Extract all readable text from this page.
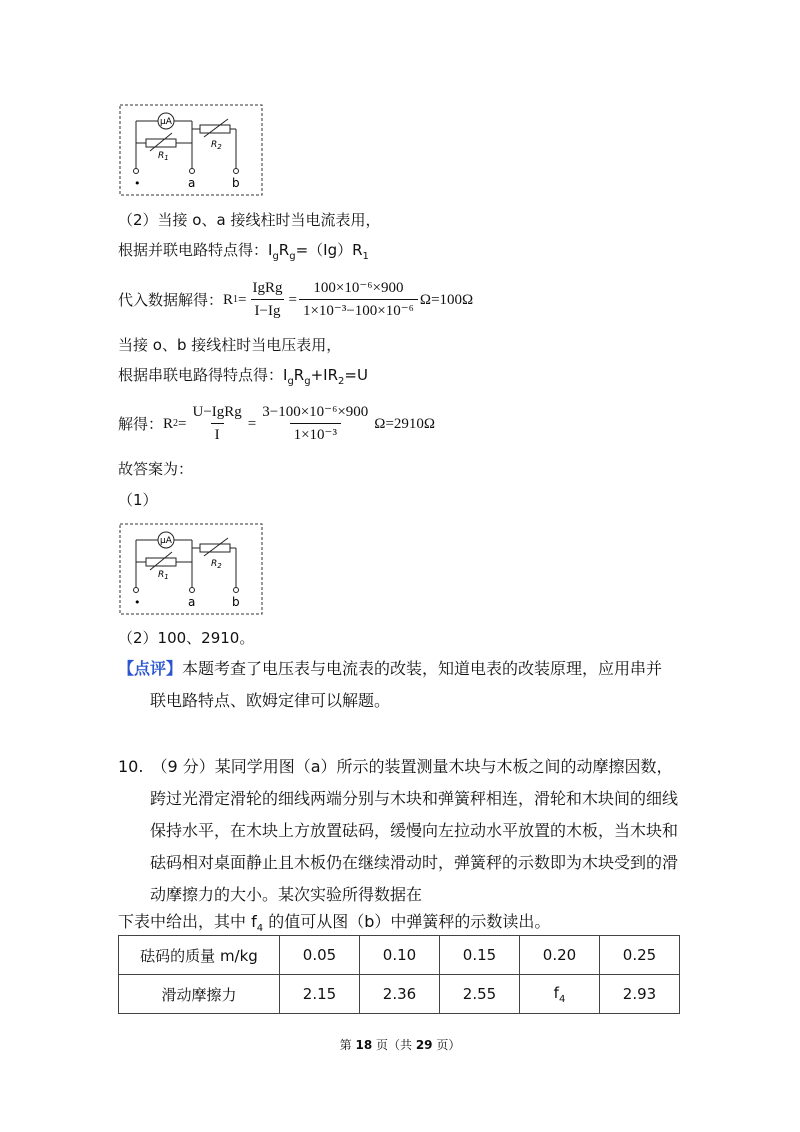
μA
$R_1$
$R_2$
•	a	b
（2）当接 o、a 接线柱时当电流表用，
根据并联电路特点得：$I_gR_g=(Ig)R_1$
代入数据解得： R $1 = \frac{\text{IgRg}}{I-Ig} = \frac{\text{100×10⁻⁶×900}}{\text{1×10⁻³−100×10⁻⁶}} \Omega=100\Omega$
当接 o、b 接线柱时当电压表用，
根据串联电路得特点得：$I_gR_g+IR_2=U$
解得： R $2 = \frac{\text{U−IgRg}}{I} = \frac{\text{3−100×10⁻⁶×900}}{\text{1×10⁻³}} \Omega=2910\Omega$
故答案为：
（1）
μA
$R_1$
$R_2$
•	a	b
（2）100、2910。
【点评】本题考查了电压表与电流表的改装，知道电表的改装原理，应用串并
联电路特点、欧姆定律可以解题。
10. （9 分）某同学用图（a）所示的装置测量木块与木板之间的动摩擦因数，
跨过光滑定滑轮的细线两端分别与木块和弹簧秤相连，滑轮和木块间的细线
保持水平，在木块上方放置砝码，缓慢向左拉动水平放置的木板，当木块和
砝码相对桌面静止且木板仍在继续滑动时，弹簧秤的示数即为木块受到的滑
动摩擦力的大小。某次实验所得数据在
下表中给出，其中 $f_4$ 的值可从图（b）中弹簧秤的示数读出。
砝码的质量 m/kg	0.05	0.10	0.15	0.20	0.25
滑动摩擦力	2.15	2.36	2.55	$f_4$	2.93
第 18 页（共 29 页）
